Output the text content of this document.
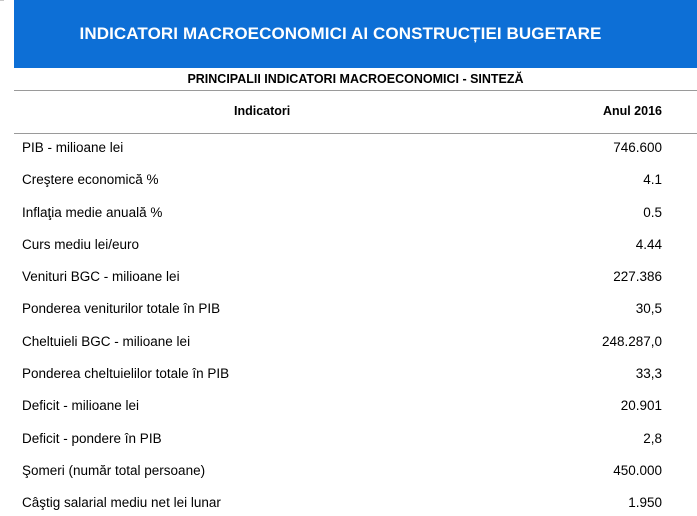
INDICATORI MACROECONOMICI AI CONSTRUCȚIEI BUGETARE
PRINCIPALII INDICATORI MACROECONOMICI - SINTEZĂ
Indicatori	Anul 2016
PIB - milioane lei	746.600
Creştere economică %	4.1
Inflaţia medie anuală %	0.5
Curs mediu lei/euro	4.44
Venituri BGC - milioane lei	227.386
Ponderea veniturilor totale în PIB	30,5
Cheltuieli BGC - milioane lei	248.287,0
Ponderea cheltuielilor totale în PIB	33,3
Deficit - milioane lei	20.901
Deficit - pondere în PIB	2,8
Şomeri (număr total persoane)	450.000
Câştig salarial mediu net lei lunar	1.950
